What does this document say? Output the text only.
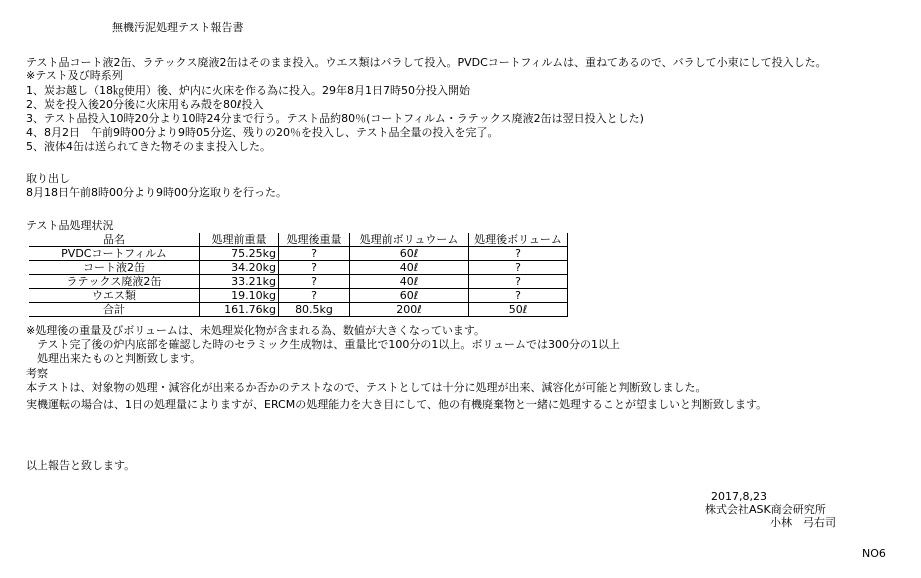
無機汚泥処理テスト報告書
テスト品コート液2缶、ラテックス廃液2缶はそのまま投入。ウエス類はバラして投入。PVDCコートフィルムは、重ねてあるので、バラして小束にして投入した。
※テスト及び時系列
1、炭お越し（18㎏使用）後、炉内に火床を作る為に投入。29年8月1日7時50分投入開始
2、炭を投入後20分後に火床用もみ殻を80ℓ投入
3、テスト品投入10時20分より10時24分まで行う。テスト品約80％(コートフィルム・ラテックス廃液2缶は翌日投入とした)
4、8月2日　午前9時00分より9時05分迄、残りの20％を投入し、テスト品全量の投入を完了。
5、液体4缶は送られてきた物そのまま投入した。
取り出し
8月18日午前8時00分より9時00分迄取りを行った。
テスト品処理状況
品名	処理前重量	処理後重量	処理前ボリュウーム	処理後ボリューム
PVDCコートフィルム	75.25kg	?	60ℓ	?
コート液2缶	34.20kg	?	40ℓ	?
ラテックス廃液2缶	33.21kg	?	40ℓ	?
ウエス類	19.10kg	?	60ℓ	?
合計	161.76kg	80.5kg	200ℓ	50ℓ
※処理後の重量及びボリュームは、未処理炭化物が含まれる為、数値が大きくなっています。
　テスト完了後の炉内底部を確認した時のセラミック生成物は、重量比で100分の1以上。ボリュームでは300分の1以上
　処理出来たものと判断致します。
考察
本テストは、対象物の処理・減容化が出来るか否かのテストなので、テストとしては十分に処理が出来、減容化が可能と判断致しました。
実機運転の場合は、1日の処理量によりますが、ERCMの処理能力を大き目にして、他の有機廃棄物と一緒に処理することが望ましいと判断致します。
以上報告と致します。
2017,8,23
株式会社ASK商会研究所
小林　弓右司
NO6
